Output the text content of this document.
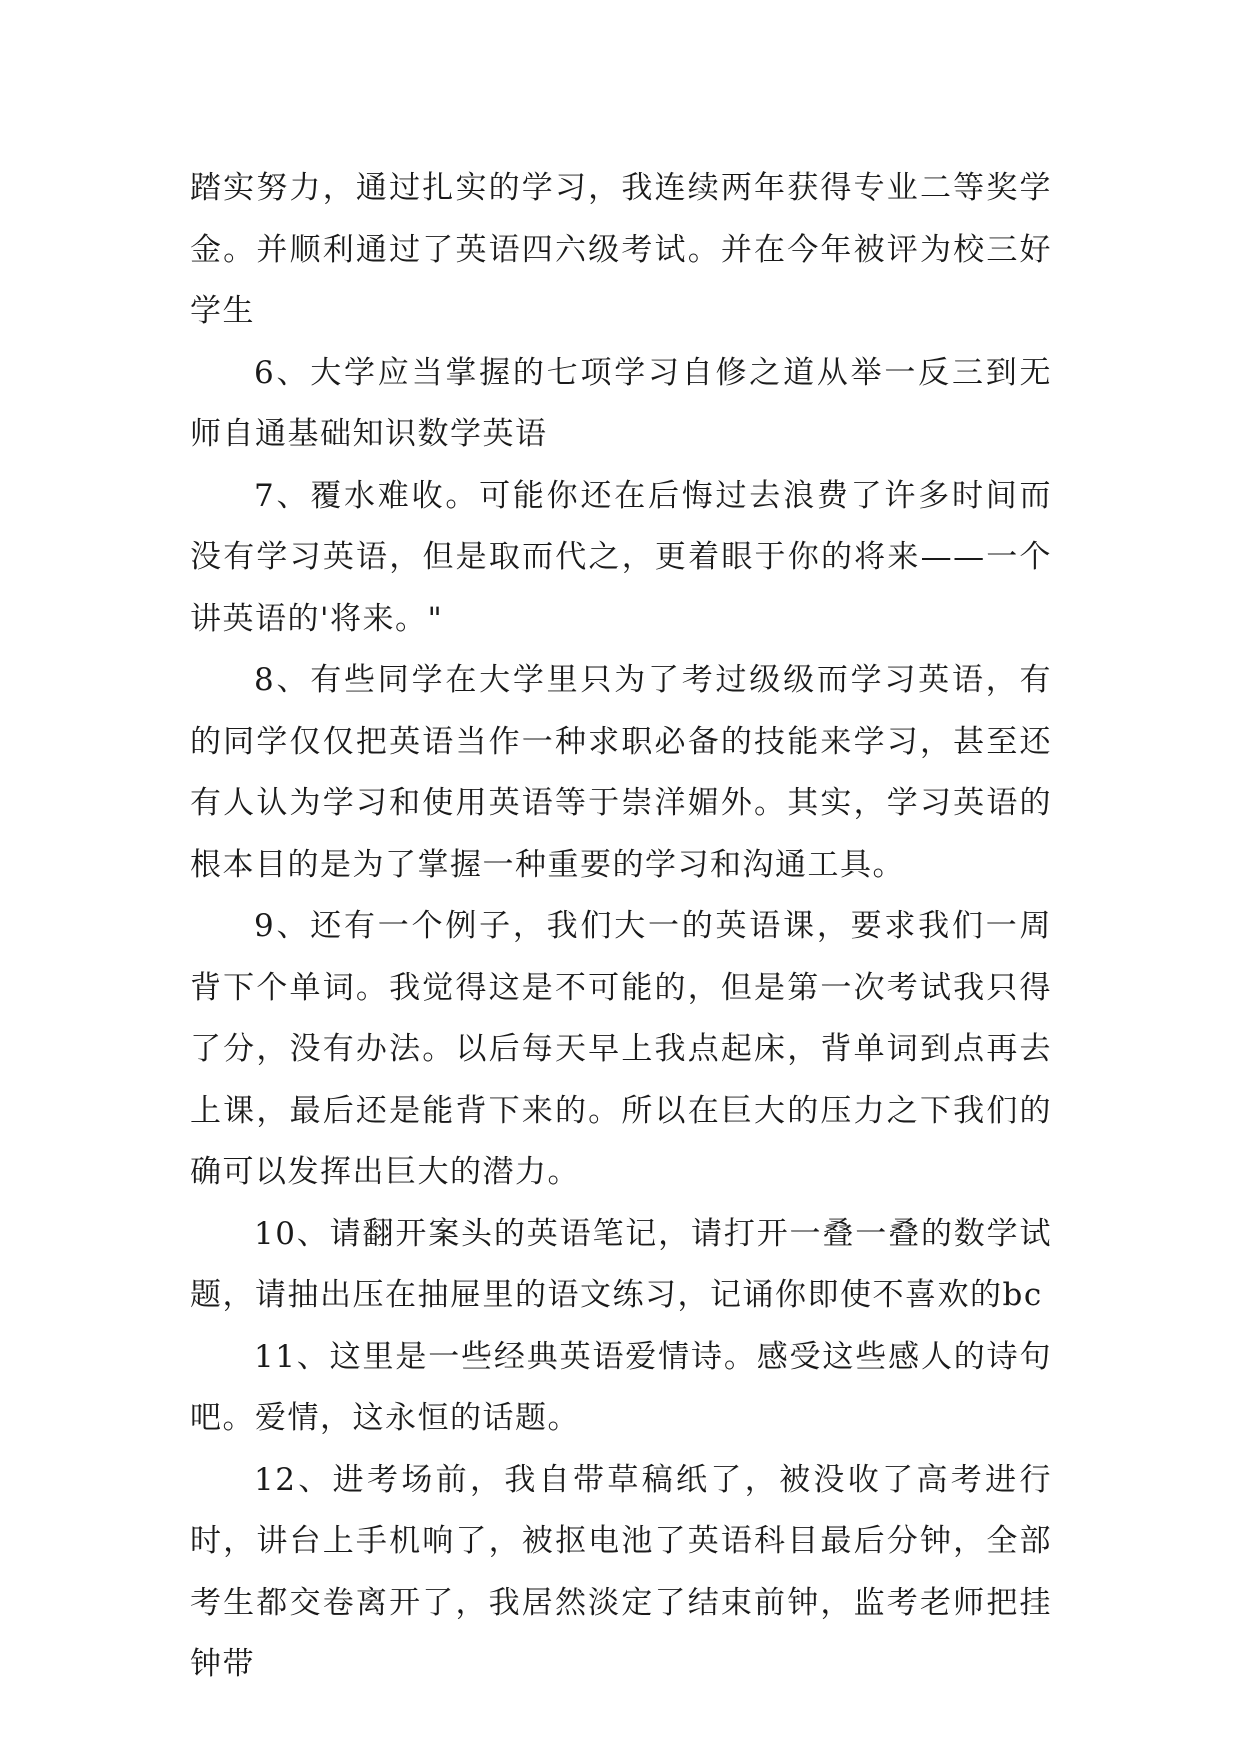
踏实努力，通过扎实的学习，我连续两年获得专业二等奖学金。并顺利通过了英语四六级考试。并在今年被评为校三好学生

6、大学应当掌握的七项学习自修之道从举一反三到无师自通基础知识数学英语

7、覆水难收。可能你还在后悔过去浪费了许多时间而没有学习英语，但是取而代之，更着眼于你的将来——一个讲英语的'将来。"

8、有些同学在大学里只为了考过级级而学习英语，有的同学仅仅把英语当作一种求职必备的技能来学习，甚至还有人认为学习和使用英语等于崇洋媚外。其实，学习英语的根本目的是为了掌握一种重要的学习和沟通工具。

9、还有一个例子，我们大一的英语课，要求我们一周背下个单词。我觉得这是不可能的，但是第一次考试我只得了分，没有办法。以后每天早上我点起床，背单词到点再去上课，最后还是能背下来的。所以在巨大的压力之下我们的确可以发挥出巨大的潜力。

10、请翻开案头的英语笔记，请打开一叠一叠的数学试题，请抽出压在抽屉里的语文练习，记诵你即使不喜欢的bc

11、这里是一些经典英语爱情诗。感受这些感人的诗句吧。爱情，这永恒的话题。

12、进考场前，我自带草稿纸了，被没收了高考进行时，讲台上手机响了，被抠电池了英语科目最后分钟，全部考生都交卷离开了，我居然淡定了结束前钟，监考老师把挂钟带
